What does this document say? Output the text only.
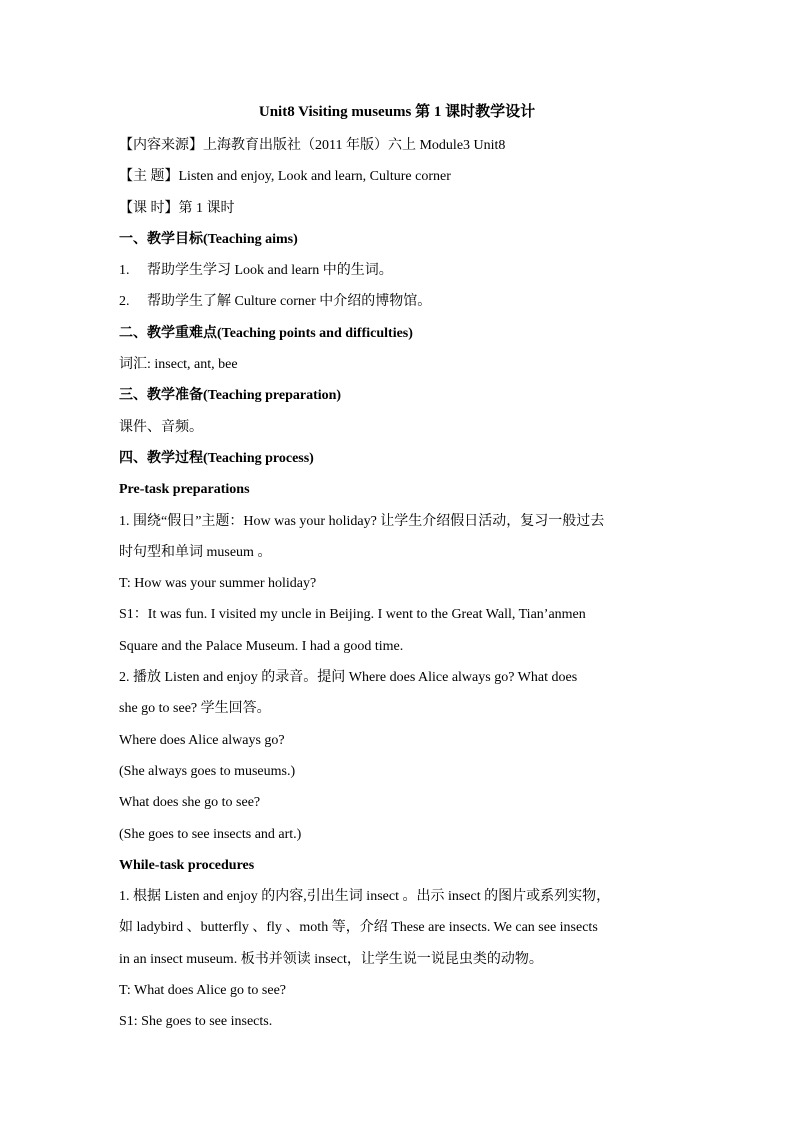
Unit8 Visiting museums 第 1 课时教学设计
【内容来源】上海教育出版社（2011 年版）六上 Module3 Unit8
【主 题】Listen and enjoy, Look and learn, Culture corner
【课 时】第 1 课时
一、教学目标(Teaching aims)
1. 帮助学生学习 Look and learn 中的生词。
2. 帮助学生了解 Culture corner 中介绍的博物馆。
二、教学重难点(Teaching points and difficulties)
词汇: insect, ant, bee
三、教学准备(Teaching preparation)
课件、音频。
四、教学过程(Teaching process)
Pre-task preparations
1. 围绕“假日”主题：How was your holiday? 让学生介绍假日活动，复习一般过去
时句型和单词 museum 。
T: How was your summer holiday?
S1：It was fun. I visited my uncle in Beijing. I went to the Great Wall, Tian’anmen
Square and the Palace Museum. I had a good time.
2. 播放 Listen and enjoy 的录音。提问 Where does Alice always go? What does
she go to see? 学生回答。
Where does Alice always go?
(She always goes to museums.)
What does she go to see?
(She goes to see insects and art.)
While-task procedures
1. 根据 Listen and enjoy 的内容,引出生词 insect 。出示 insect 的图片或系列实物，
如 ladybird 、butterfly 、fly 、moth 等，介绍 These are insects. We can see insects
in an insect museum. 板书并领读 insect，让学生说一说昆虫类的动物。
T: What does Alice go to see?
S1: She goes to see insects.
